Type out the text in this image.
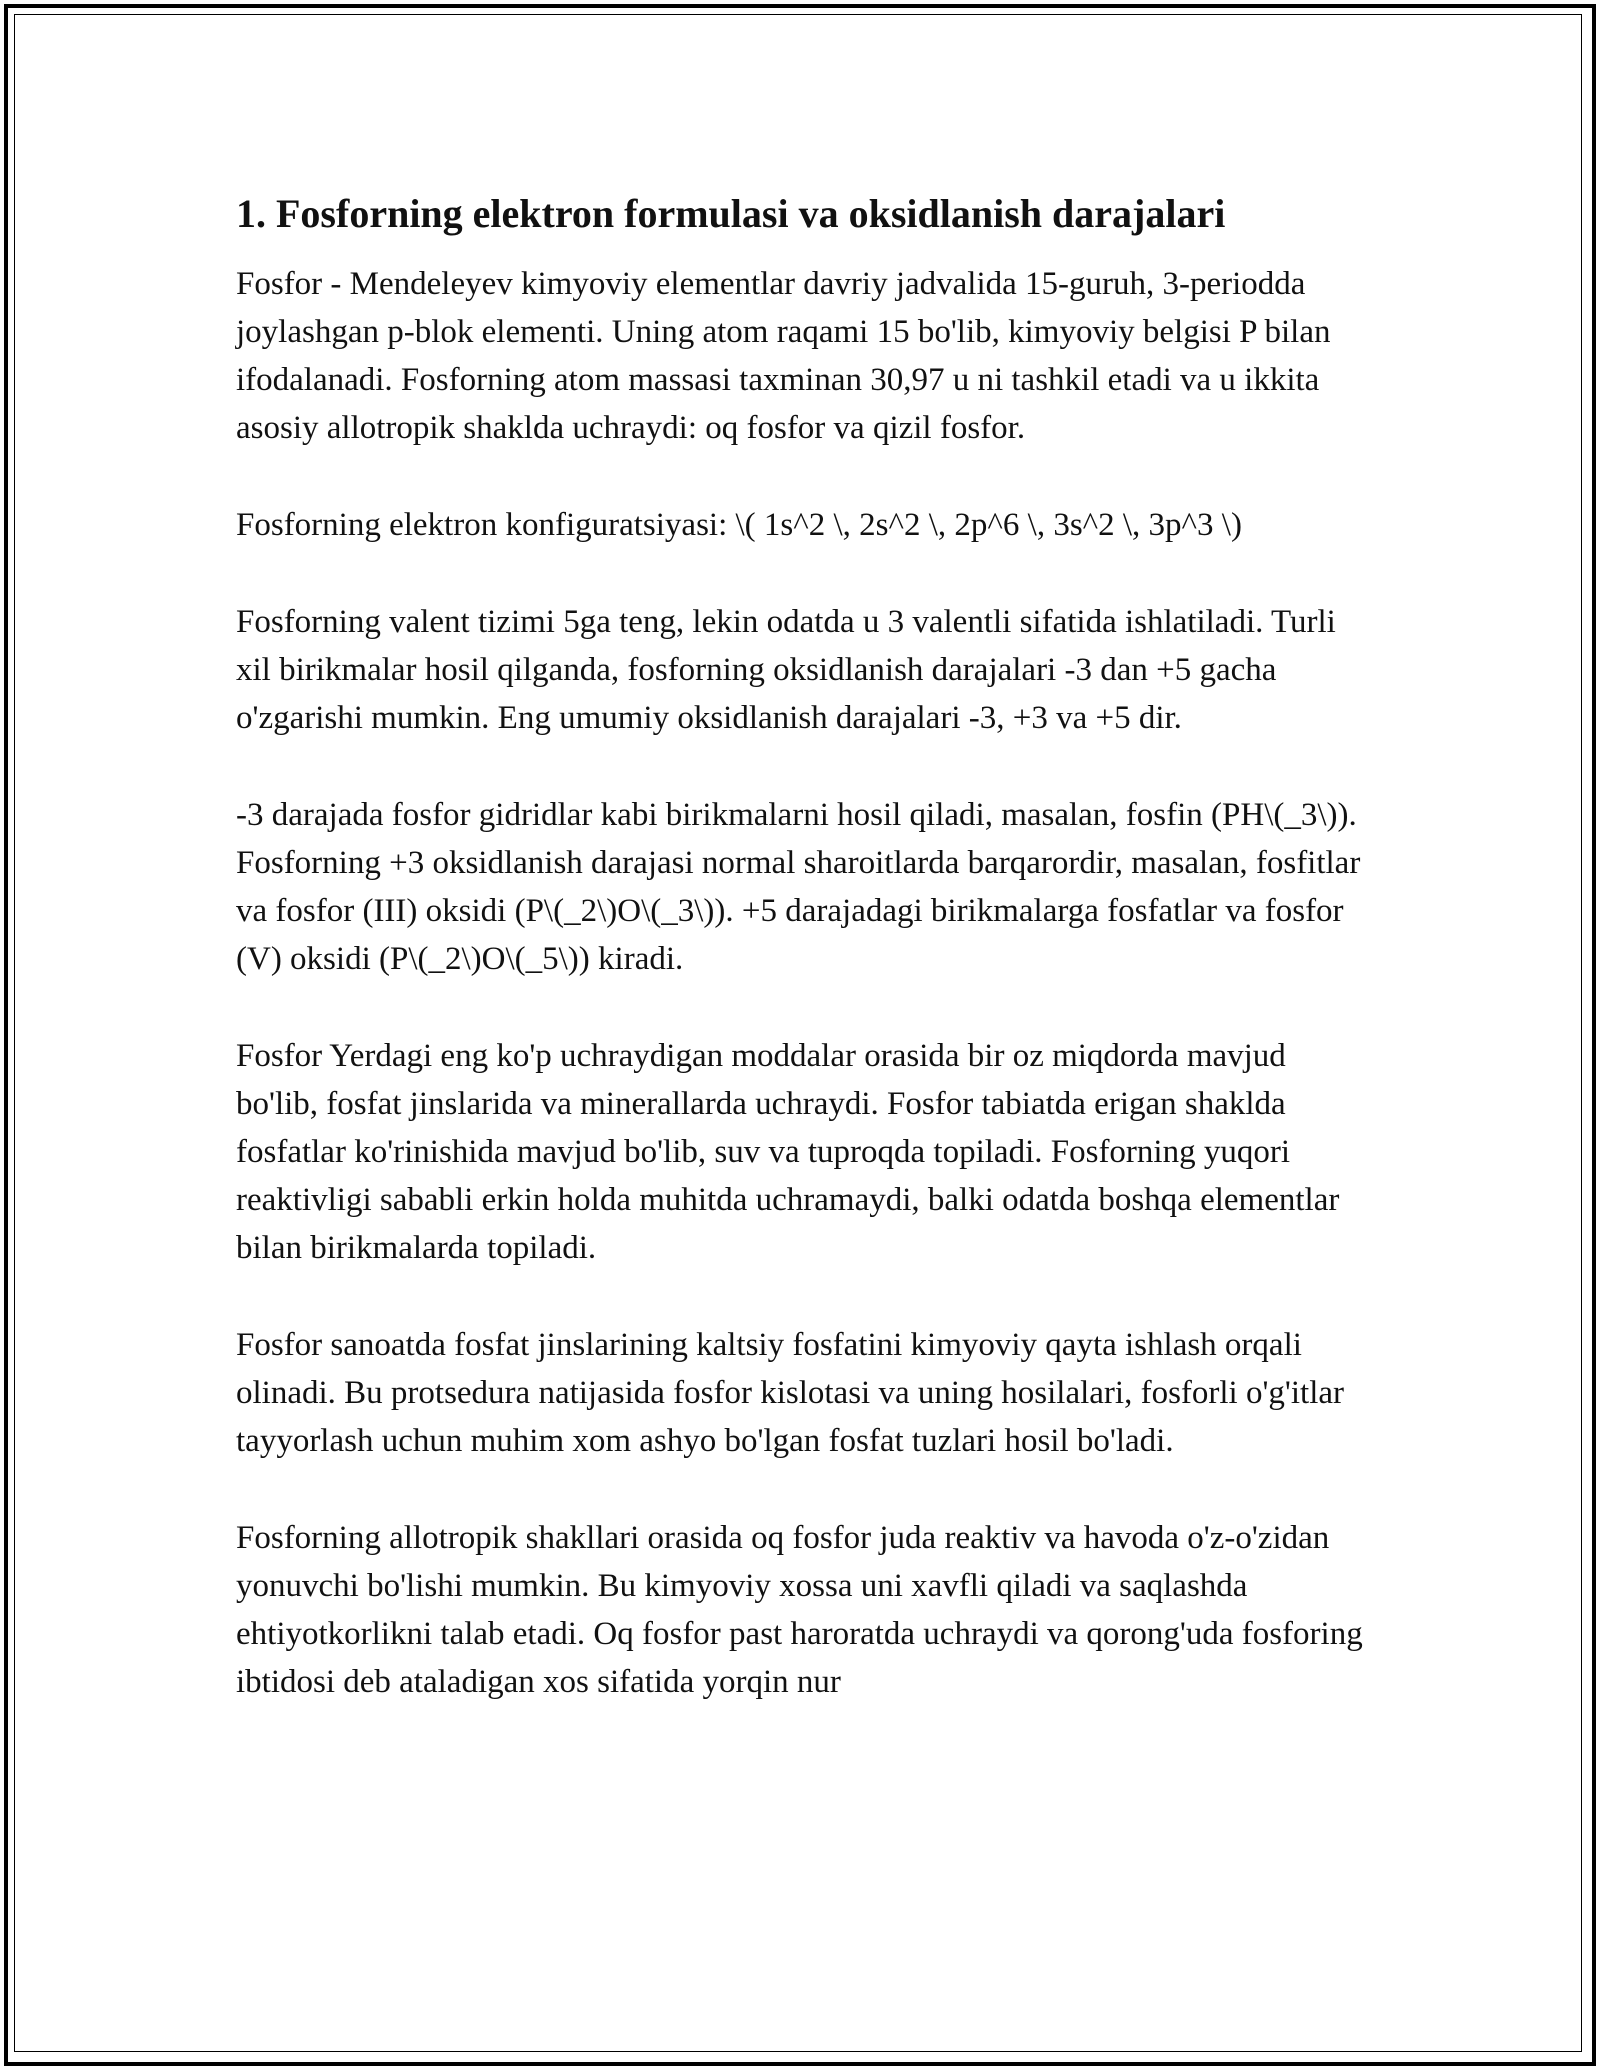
1. Fosforning elektron formulasi va oksidlanish darajalari

Fosfor - Mendeleyev kimyoviy elementlar davriy jadvalida 15-guruh, 3-periodda joylashgan p-blok elementi. Uning atom raqami 15 bo'lib, kimyoviy belgisi P bilan ifodalanadi. Fosforning atom massasi taxminan 30,97 u ni tashkil etadi va u ikkita asosiy allotropik shaklda uchraydi: oq fosfor va qizil fosfor.

Fosforning elektron konfiguratsiyasi: \( 1s^2 \, 2s^2 \, 2p^6 \, 3s^2 \, 3p^3 \)

Fosforning valent tizimi 5ga teng, lekin odatda u 3 valentli sifatida ishlatiladi. Turli xil birikmalar hosil qilganda, fosforning oksidlanish darajalari -3 dan +5 gacha o'zgarishi mumkin. Eng umumiy oksidlanish darajalari -3, +3 va +5 dir.

-3 darajada fosfor gidridlar kabi birikmalarni hosil qiladi, masalan, fosfin (PH\(_3\)). Fosforning +3 oksidlanish darajasi normal sharoitlarda barqarordir, masalan, fosfitlar va fosfor (III) oksidi (P\(_2\)O\(_3\)). +5 darajadagi birikmalarga fosfatlar va fosfor (V) oksidi (P\(_2\)O\(_5\)) kiradi.

Fosfor Yerdagi eng ko'p uchraydigan moddalar orasida bir oz miqdorda mavjud bo'lib, fosfat jinslarida va minerallarda uchraydi. Fosfor tabiatda erigan shaklda fosfatlar ko'rinishida mavjud bo'lib, suv va tuproqda topiladi. Fosforning yuqori reaktivligi sababli erkin holda muhitda uchramaydi, balki odatda boshqa elementlar bilan birikmalarda topiladi.

Fosfor sanoatda fosfat jinslarining kaltsiy fosfatini kimyoviy qayta ishlash orqali olinadi. Bu protsedura natijasida fosfor kislotasi va uning hosilalari, fosforli o'g'itlar tayyorlash uchun muhim xom ashyo bo'lgan fosfat tuzlari hosil bo'ladi.

Fosforning allotropik shakllari orasida oq fosfor juda reaktiv va havoda o'z-o'zidan yonuvchi bo'lishi mumkin. Bu kimyoviy xossa uni xavfli qiladi va saqlashda ehtiyotkorlikni talab etadi. Oq fosfor past haroratda uchraydi va qorong'uda fosforing ibtidosi deb ataladigan xos sifatida yorqin nur
